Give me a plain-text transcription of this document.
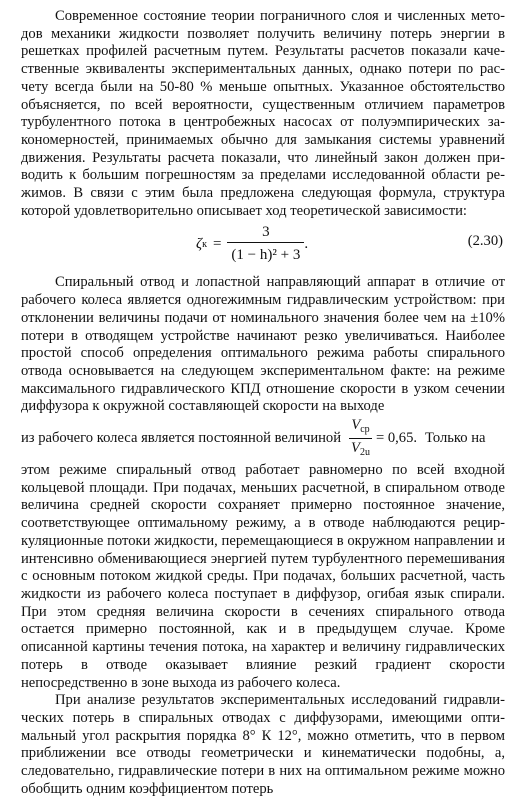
Современное состояние теории пограничного слоя и численных методов механики жидкости позволяет получить величину потерь энергии в решетках профилей расчетным путем. Результаты расчетов показали качественные эквиваленты экспериментальных данных, однако потери по расчету всегда были на 50-80 % меньше опытных. Указанное обстоятельство объясняется, по всей вероятности, существенным отличием параметров турбулентного потока в центробежных насосах от полуэмпирических закономерностей, принимаемых обычно для замыкания системы уравнений движения. Результаты расчета показали, что линейный закон должен приводить к большим погрешностям за пределами исследованной области режимов. В связи с этим была предложена следующая формула, структура которой удовлетворительно описывает ход теоретической зависимости:

ζ $к = \frac{3}{\text{(1 − h)² + 3}}$ .	(2.30)

Спиральный отвод и лопастной направляющий аппарат в отличие от рабочего колеса является одноrежимным гидравлическим устройством: при отклонении величины подачи от номинального значения более чем на ±10% потери в отводящем устройстве начинают резко увеличиваться. Наиболее простой способ определения оптимального режима работы спирального отвода основывается на следующем экспериментальном факте: на режиме максимального гидравлического КПД отношение скорости в узком сечении диффузора к окружной составляющей скорости на выходе

из рабочего колеса является постоянной величиной $\frac{V_{ср}}{V_{2u}} = 0,65$. Только на

этом режиме спиральный отвод работает равномерно по всей входной кольцевой площади. При подачах, меньших расчетной, в спиральном отводе величина средней скорости сохраняет примерно постоянное значение, соответствующее оптимальному режиму, а в отводе наблюдаются рециркуляционные потоки жидкости, перемещающиеся в окружном направлении и интенсивно обменивающиеся энергией путем турбулентного перемешивания с основным потоком жидкой среды. При подачах, больших расчетной, часть жидкости из рабочего колеса поступает в диффузор, огибая язык спирали. При этом средняя величина скорости в сечениях спирального отвода остается примерно постоянной, как и в предыдущем случае. Кроме описанной картины течения потока, на характер и величину гидравлических потерь в отводе оказывает влияние резкий градиент скорости непосредственно в зоне выхода из рабочего колеса.

При анализе результатов экспериментальных исследований гидравлических потерь в спиральных отводах с диффузорами, имеющими оптимальный угол раскрытия порядка 8° К 12°, можно отметить, что в первом приближении все отводы геометрически и кинематически подобны, а, следовательно, гидравлические потери в них на оптимальном режиме можно обобщить одним коэффициентом потерь
